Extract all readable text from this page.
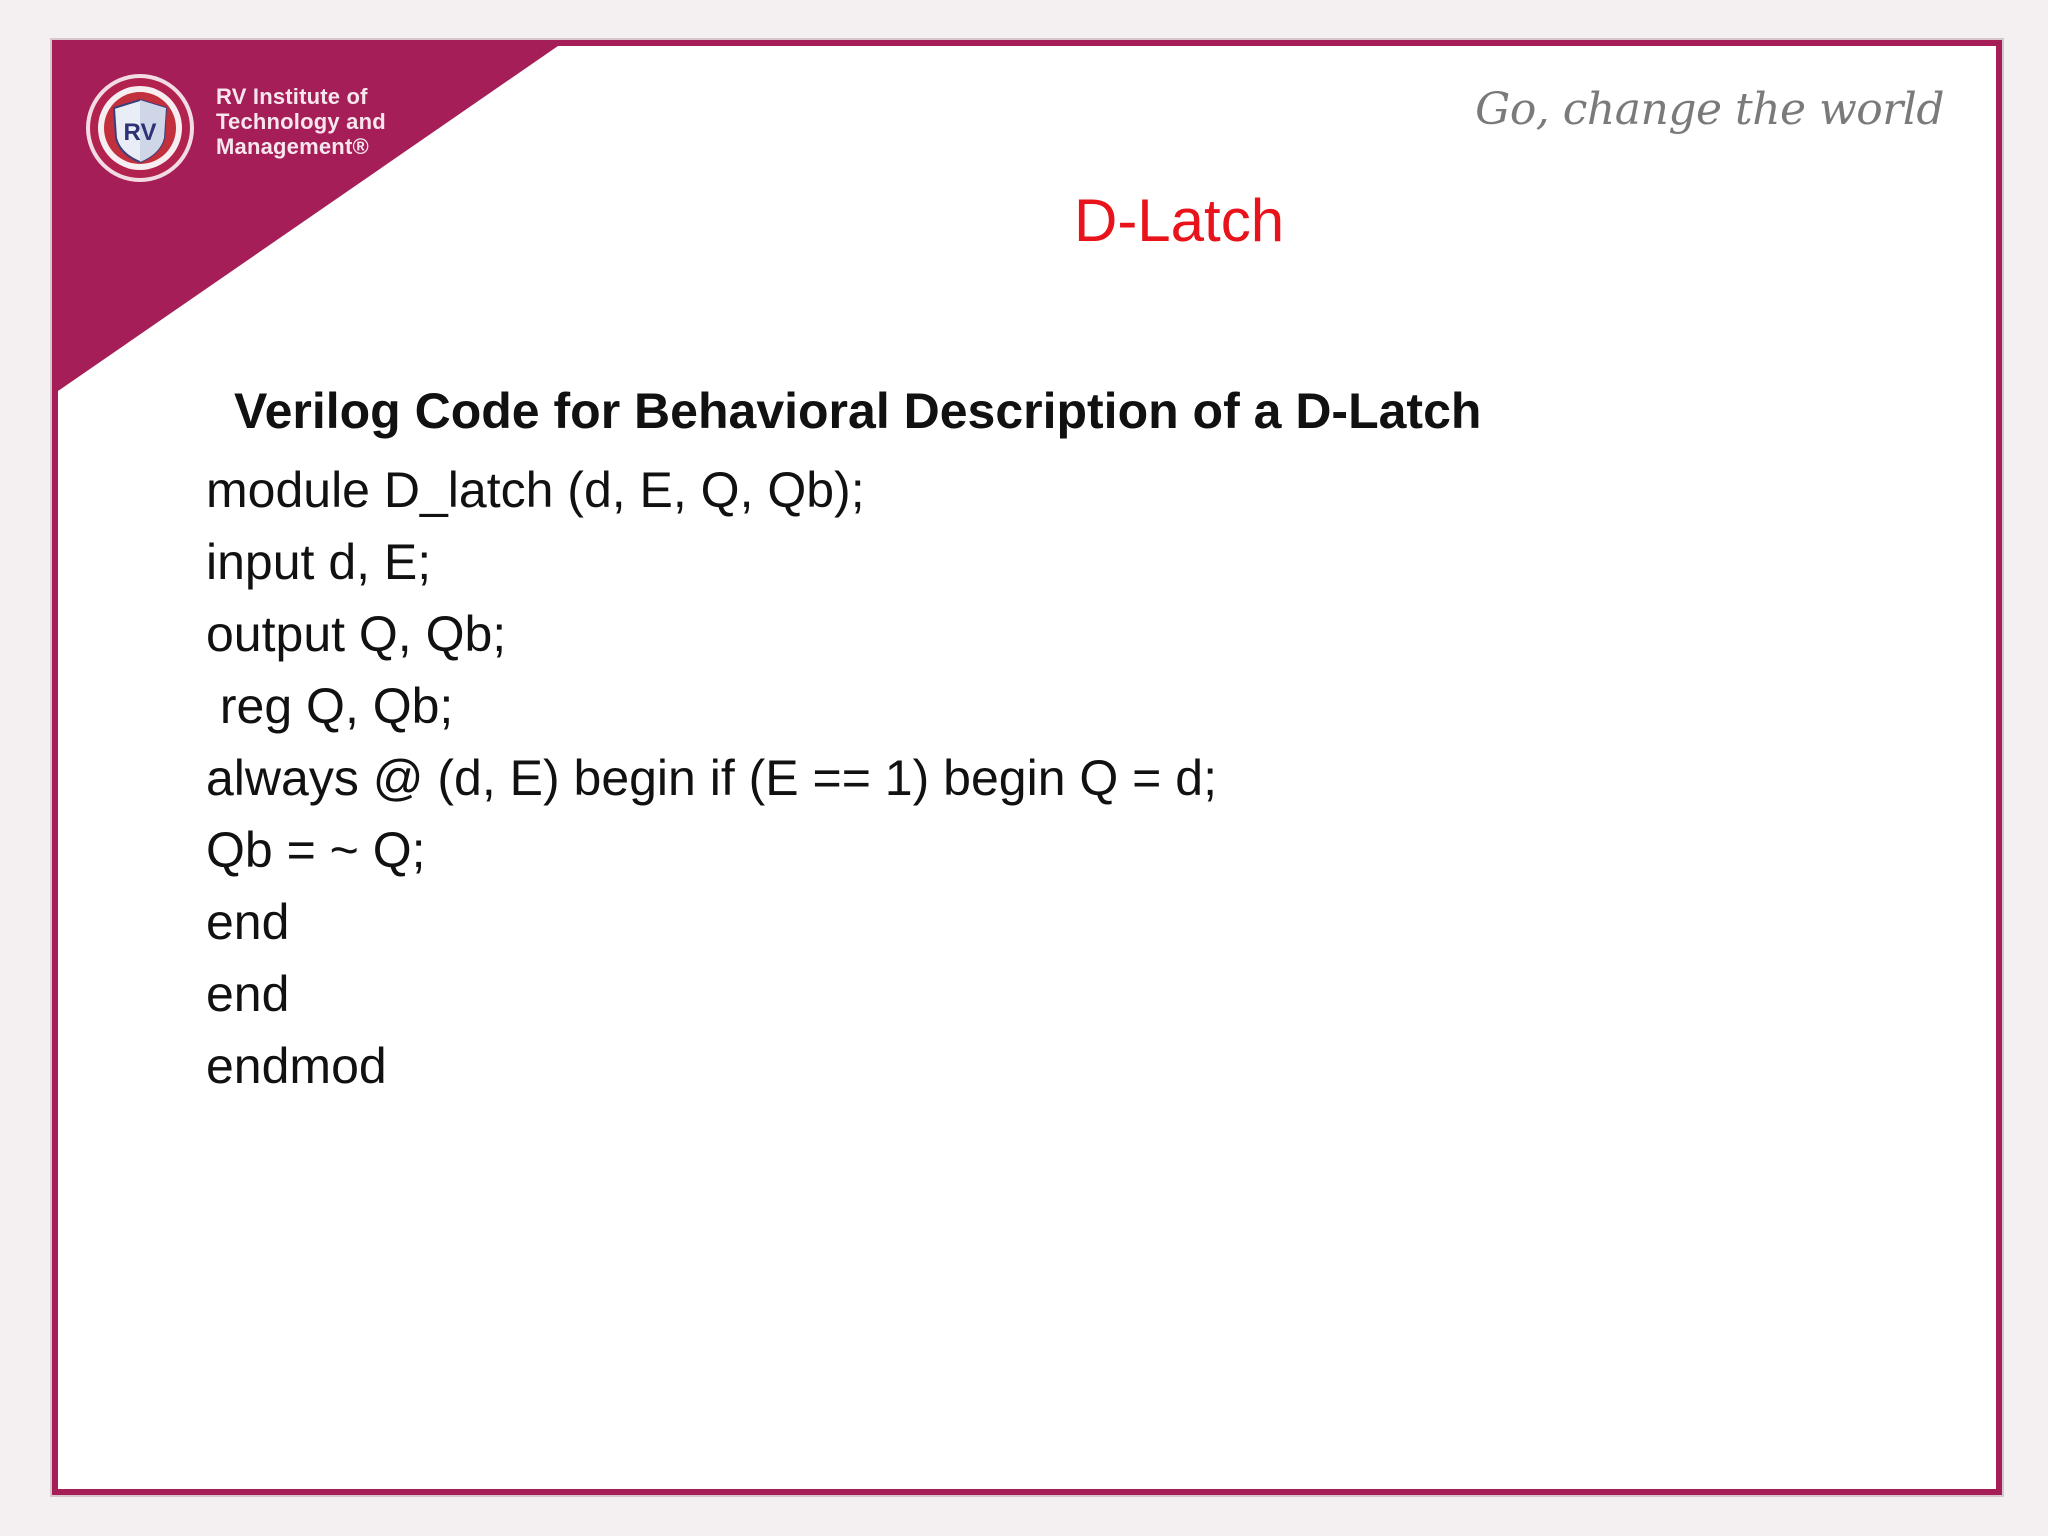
RV
RV Institute of
Technology and
Management®
Go, change the world
D-Latch
Verilog Code for Behavioral Description of a D-Latch
module D_latch (d, E, Q, Qb);
input d, E;
output Q, Qb;
reg Q, Qb;
always @ (d, E) begin if (E == 1) begin Q = d;
Qb = ~ Q;
end
end
endmod
